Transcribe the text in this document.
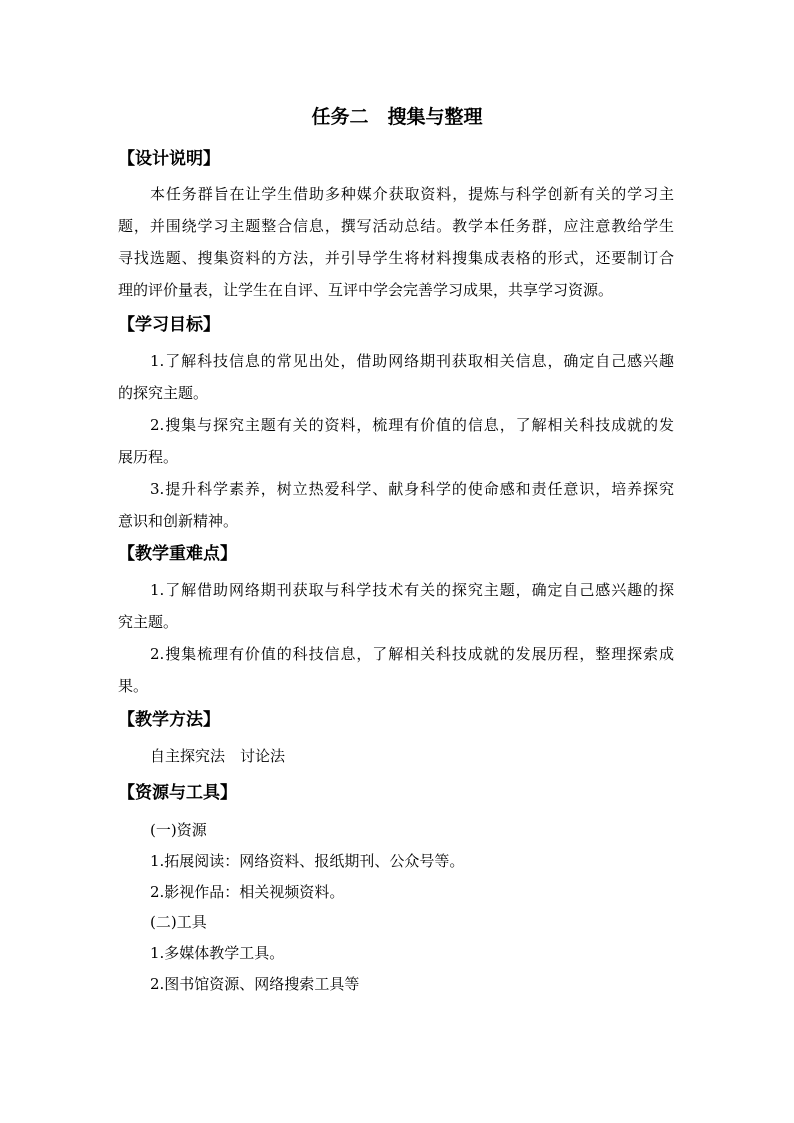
任务二　搜集与整理
【设计说明】
本任务群旨在让学生借助多种媒介获取资料，提炼与科学创新有关的学习主
题，并围绕学习主题整合信息，撰写活动总结。教学本任务群，应注意教给学生
寻找选题、搜集资料的方法，并引导学生将材料搜集成表格的形式，还要制订合
理的评价量表，让学生在自评、互评中学会完善学习成果，共享学习资源。
【学习目标】
1.了解科技信息的常见出处，借助网络期刊获取相关信息，确定自己感兴趣
的探究主题。
2.搜集与探究主题有关的资料，梳理有价值的信息，了解相关科技成就的发
展历程。
3.提升科学素养，树立热爱科学、献身科学的使命感和责任意识，培养探究
意识和创新精神。
【教学重难点】
1.了解借助网络期刊获取与科学技术有关的探究主题，确定自己感兴趣的探
究主题。
2.搜集梳理有价值的科技信息，了解相关科技成就的发展历程，整理探索成
果。
【教学方法】
自主探究法　讨论法
【资源与工具】
(一)资源
1.拓展阅读：网络资料、报纸期刊、公众号等。
2.影视作品：相关视频资料。
(二)工具
1.多媒体教学工具。
2.图书馆资源、网络搜索工具等
